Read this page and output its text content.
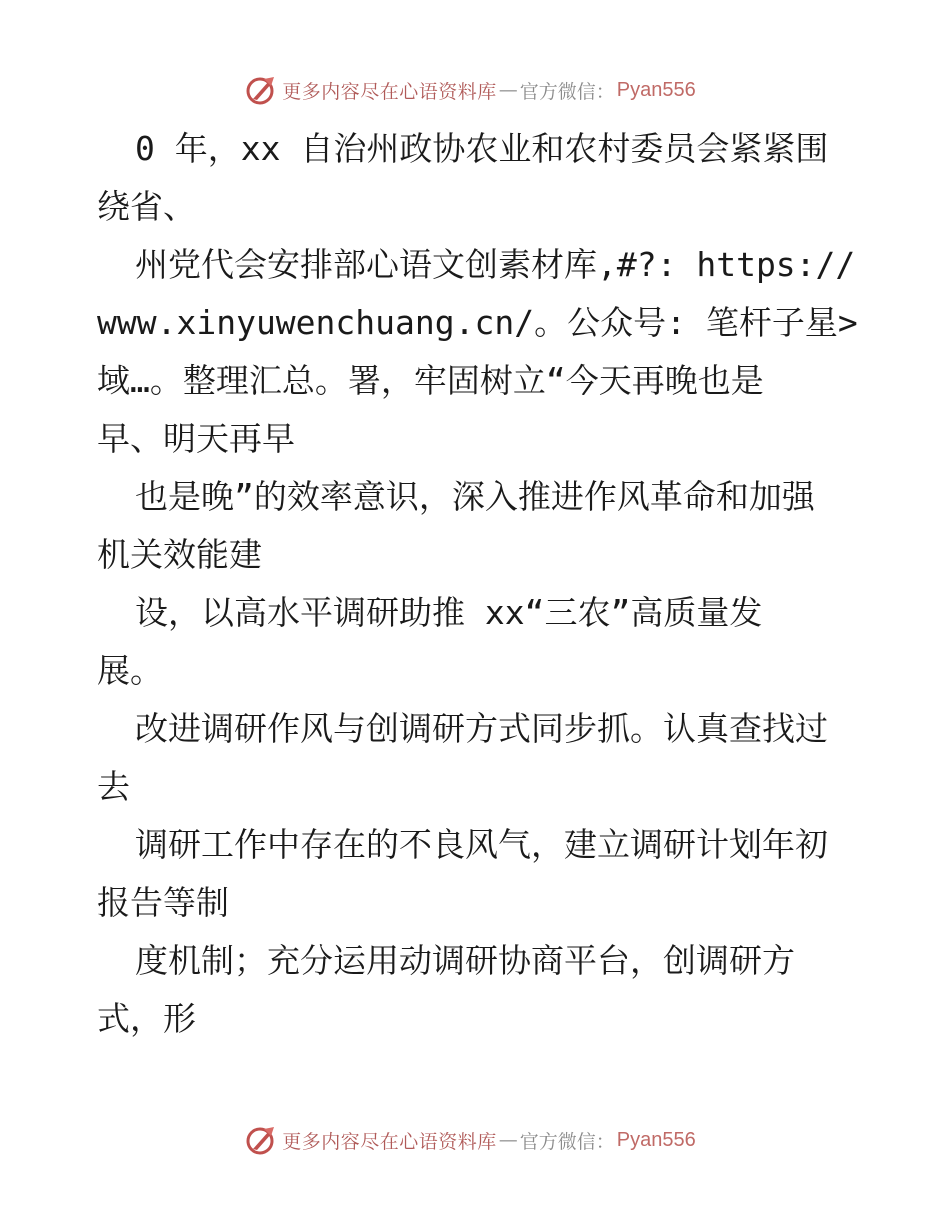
更多内容尽在心语资料库 — 官方微信： Pyan556
0 年，xx 自治州政协农业和农村委员会紧紧围
绕省、
州党代会安排部心语文创素材库,#?: https://
www.xinyuwenchuang.cn/。公众号: 笔杆子星>
域…。整理汇总。署，牢固树立“今天再晚也是
早、明天再早
也是晚”的效率意识，深入推进作风革命和加强
机关效能建
设，以高水平调研助推 xx“三农”高质量发
展。
改进调研作风与创调研方式同步抓。认真查找过
去
调研工作中存在的不良风气，建立调研计划年初
报告等制
度机制；充分运用动调研协商平台，创调研方
式，形
更多内容尽在心语资料库 — 官方微信： Pyan556
